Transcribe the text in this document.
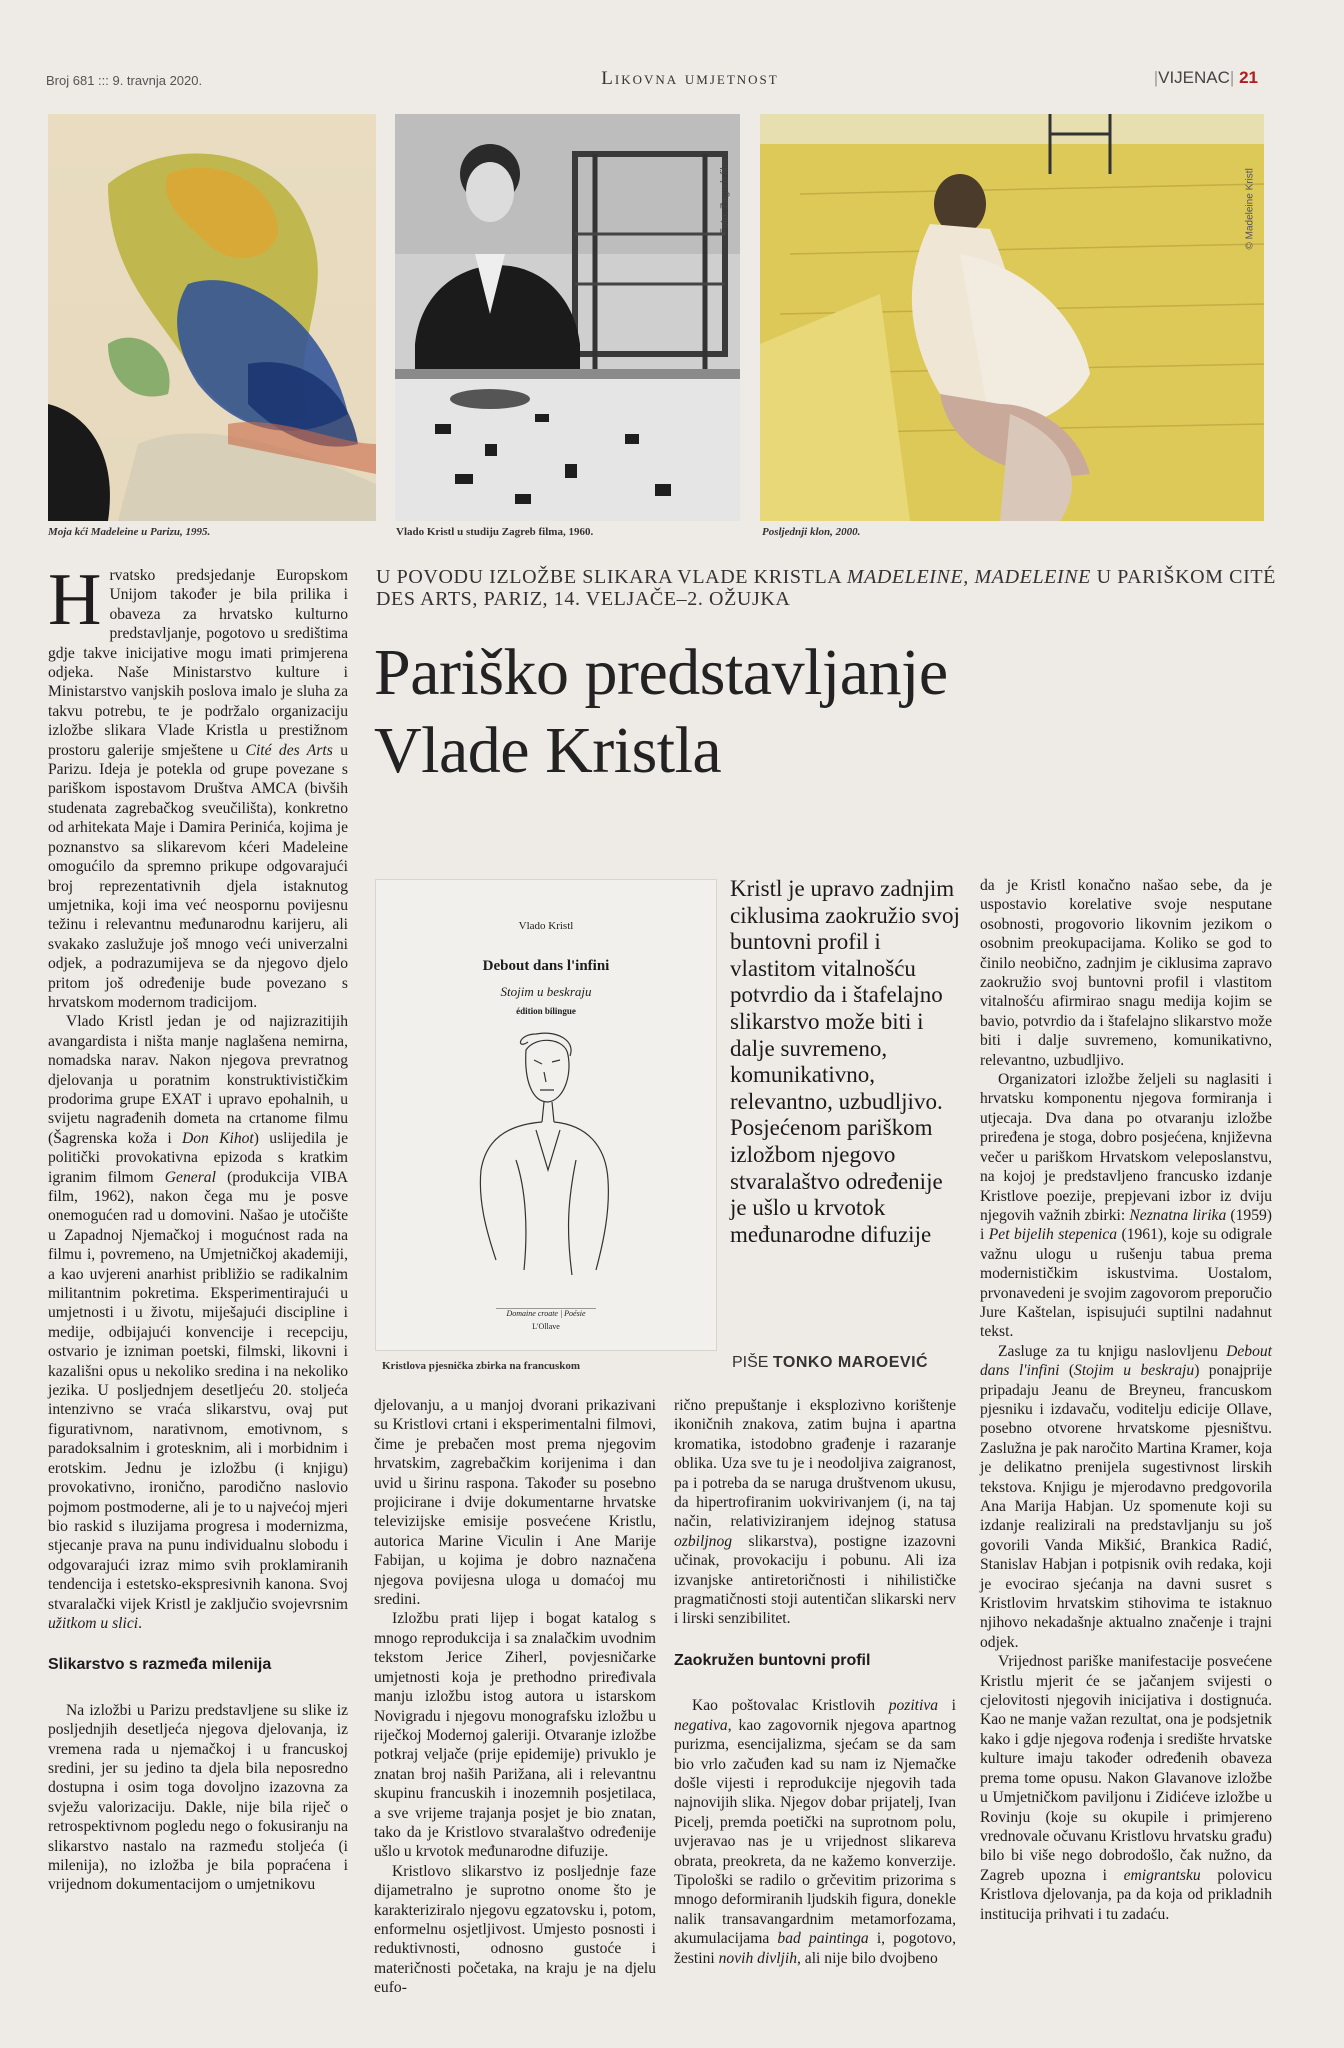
Broj 681 ::: 9. travnja 2020.	Likovna umjetnost	|VIJENAC| 21
Foto: Zagreb film	© Madeleine Kristl
Moja kći Madeleine u Parizu, 1995.	Vlado Kristl u studiju Zagreb filma, 1960.	Posljednji klon, 2000.
U POVODU IZLOŽBE SLIKARA VLADE KRISTLA MADELEINE, MADELEINE U PARIŠKOM CITÉ DES ARTS, PARIZ, 14. VELJAČE–2. OŽUJKA
Pariško predstavljanje
Vlade Kristla
Vlado Kristl
Debout dans l'infini
Stojim u beskraju
édition bilingue
Domaine croate | Poésie
L'Ollave
Kristlova pjesnička zbirka na francuskom
Kristl je upravo zadnjim ciklusima zaokružio svoj buntovni profil i vlastitom vitalnošću potvrdio da i štafelajno slikarstvo može biti i dalje suvremeno, komunikativno, relevantno, uzbudljivo. Posjećenom pariškom izložbom njegovo stvaralaštvo određenije je ušlo u krvotok međunarodne difuzije
PIŠE TONKO MAROEVIĆ

Hrvatsko predsjedanje Europskom Unijom također je bila prilika i obaveza za hrvatsko kulturno predstavljanje, pogotovo u središtima gdje takve inicijative mogu imati primjerena odjeka. Naše Ministarstvo kulture i Ministarstvo vanjskih poslova imalo je sluha za takvu potrebu, te je podržalo organizaciju izložbe slikara Vlade Kristla u prestižnom prostoru galerije smještene u Cité des Arts u Parizu. Ideja je potekla od grupe povezane s pariškom ispostavom Društva AMCA (bivših studenata zagrebačkog sveučilišta), konkretno od arhitekata Maje i Damira Perinića, kojima je poznanstvo sa slikarevom kćeri Madeleine omogućilo da spremno prikupe odgovarajući broj reprezentativnih djela istaknutog umjetnika, koji ima već neospornu povijesnu težinu i relevantnu međunarodnu karijeru, ali svakako zaslužuje još mnogo veći univerzalni odjek, a podrazumijeva se da njegovo djelo pritom još određenije bude povezano s hrvatskom modernom tradicijom.

Vlado Kristl jedan je od najizrazitijih avangardista i ništa manje naglašena nemirna, nomadska narav. Nakon njegova prevratnog djelovanja u poratnim konstruktivističkim prodorima grupe EXAT i upravo epohalnih, u svijetu nagrađenih dometa na crtanome filmu (Šagrenska koža i Don Kihot) uslijedila je politički provokativna epizoda s kratkim igranim filmom General (produkcija VIBA film, 1962), nakon čega mu je posve onemogućen rad u domovini. Našao je utočište u Zapadnoj Njemačkoj i mogućnost rada na filmu i, povremeno, na Umjetničkoj akademiji, a kao uvjereni anarhist približio se radikalnim militantnim pokretima. Eksperimentirajući u umjetnosti i u životu, miješajući discipline i medije, odbijajući konvencije i recepciju, ostvario je izniman poetski, filmski, likovni i kazališni opus u nekoliko sredina i na nekoliko jezika. U posljednjem desetljeću 20. stoljeća intenzivno se vraća slikarstvu, ovaj put figurativnom, narativnom, emotivnom, s paradoksalnim i grotesknim, ali i morbidnim i erotskim. Jednu je izložbu (i knjigu) provokativno, ironično, parodično naslovio pojmom postmoderne, ali je to u najvećoj mjeri bio raskid s iluzijama progresa i modernizma, stjecanje prava na punu individualnu slobodu i odgovarajući izraz mimo svih proklamiranih tendencija i estetsko-ekspresivnih kanona. Svoj stvaralački vijek Kristl je zaključio svojevrsnim užitkom u slici.

Slikarstvo s razmeđa milenija

Na izložbi u Parizu predstavljene su slike iz posljednjih desetljeća njegova djelovanja, iz vremena rada u njemačkoj i u francuskoj sredini, jer su jedino ta djela bila neposredno dostupna i osim toga dovoljno izazovna za svježu valorizaciju. Dakle, nije bila riječ o retrospektivnom pogledu nego o fokusiranju na slikarstvo nastalo na razmeđu stoljeća (i milenija), no izložba je bila popraćena i vrijednom dokumentacijom o umjetnikovu

djelovanju, a u manjoj dvorani prikazivani su Kristlovi crtani i eksperimentalni filmovi, čime je prebačen most prema njegovim hrvatskim, zagrebačkim korijenima i dan uvid u širinu raspona. Također su posebno projicirane i dvije dokumentarne hrvatske televizijske emisije posvećene Kristlu, autorica Marine Viculin i Ane Marije Fabijan, u kojima je dobro naznačena njegova povijesna uloga u domaćoj mu sredini.

Izložbu prati lijep i bogat katalog s mnogo reprodukcija i sa znalačkim uvodnim tekstom Jerice Ziherl, povjesničarke umjetnosti koja je prethodno priređivala manju izložbu istog autora u istarskom Novigradu i njegovu monografsku izložbu u riječkoj Modernoj galeriji. Otvaranje izložbe potkraj veljače (prije epidemije) privuklo je znatan broj naših Parižana, ali i relevantnu skupinu francuskih i inozemnih posjetilaca, a sve vrijeme trajanja posjet je bio znatan, tako da je Kristlovo stvaralaštvo određenije ušlo u krvotok međunarodne difuzije.

Kristlovo slikarstvo iz posljednje faze dijametralno je suprotno onome što je karakteriziralo njegovu egzatovsku i, potom, enformelnu osjetljivost. Umjesto posnosti i reduktivnosti, odnosno gustoće i materičnosti početaka, na kraju je na djelu eufo-

rično prepuštanje i eksplozivno korištenje ikoničnih znakova, zatim bujna i apartna kromatika, istodobno građenje i razaranje oblika. Uza sve tu je i neodoljiva zaigranost, pa i potreba da se naruga društvenom ukusu, da hipertrofiranim uokvirivanjem (i, na taj način, relativiziranjem idejnog statusa ozbiljnog slikarstva), postigne izazovni učinak, provokaciju i pobunu. Ali iza izvanjske antiretoričnosti i nihilističke pragmatičnosti stoji autentičan slikarski nerv i lirski senzibilitet.

Zaokružen buntovni profil

Kao poštovalac Kristlovih pozitiva i negativa, kao zagovornik njegova apartnog purizma, esencijalizma, sjećam se da sam bio vrlo začuđen kad su nam iz Njemačke došle vijesti i reprodukcije njegovih tada najnovijih slika. Njegov dobar prijatelj, Ivan Picelj, premda poetički na suprotnom polu, uvjeravao nas je u vrijednost slikareva obrata, preokreta, da ne kažemo konverzije. Tipološki se radilo o grčevitim prizorima s mnogo deformiranih ljudskih figura, donekle nalik transavangardnim metamorfozama, akumulacijama bad paintinga i, pogotovo, žestini novih divljih, ali nije bilo dvojbeno

da je Kristl konačno našao sebe, da je uspostavio korelative svoje nesputane osobnosti, progovorio likovnim jezikom o osobnim preokupacijama. Koliko se god to činilo neobično, zadnjim je ciklusima zapravo zaokružio svoj buntovni profil i vlastitom vitalnošću afirmirao snagu medija kojim se bavio, potvrdio da i štafelajno slikarstvo može biti i dalje suvremeno, komunikativno, relevantno, uzbudljivo.

Organizatori izložbe željeli su naglasiti i hrvatsku komponentu njegova formiranja i utjecaja. Dva dana po otvaranju izložbe priređena je stoga, dobro posjećena, književna večer u pariškom Hrvatskom veleposlanstvu, na kojoj je predstavljeno francusko izdanje Kristlove poezije, prepjevani izbor iz dviju njegovih važnih zbirki: Neznatna lirika (1959) i Pet bijelih stepenica (1961), koje su odigrale važnu ulogu u rušenju tabua prema modernističkim iskustvima. Uostalom, prvonavedeni je svojim zagovorom preporučio Jure Kaštelan, ispisujući suptilni nadahnut tekst.

Zasluge za tu knjigu naslovljenu Debout dans l'infini (Stojim u beskraju) ponajprije pripadaju Jeanu de Breyneu, francuskom pjesniku i izdavaču, voditelju edicije Ollave, posebno otvorene hrvatskome pjesništvu. Zaslužna je pak naročito Martina Kramer, koja je delikatno prenijela sugestivnost lirskih tekstova. Knjigu je mjerodavno predgovorila Ana Marija Habjan. Uz spomenute koji su izdanje realizirali na predstavljanju su još govorili Vanda Mikšić, Brankica Radić, Stanislav Habjan i potpisnik ovih redaka, koji je evocirao sjećanja na davni susret s Kristlovim hrvatskim stihovima te istaknuo njihovo nekadašnje aktualno značenje i trajni odjek.

Vrijednost pariške manifestacije posvećene Kristlu mjerit će se jačanjem svijesti o cjelovitosti njegovih inicijativa i dostignuća. Kao ne manje važan rezultat, ona je podsjetnik kako i gdje njegova rođenja i središte hrvatske kulture imaju također određenih obaveza prema tome opusu. Nakon Glavanove izložbe u Umjetničkom paviljonu i Zidićeve izložbe u Rovinju (koje su okupile i primjereno vrednovale očuvanu Kristlovu hrvatsku građu) bilo bi više nego dobrodošlo, čak nužno, da Zagreb upozna i emigrantsku polovicu Kristlova djelovanja, pa da koja od prikladnih institucija prihvati i tu zadaću.
